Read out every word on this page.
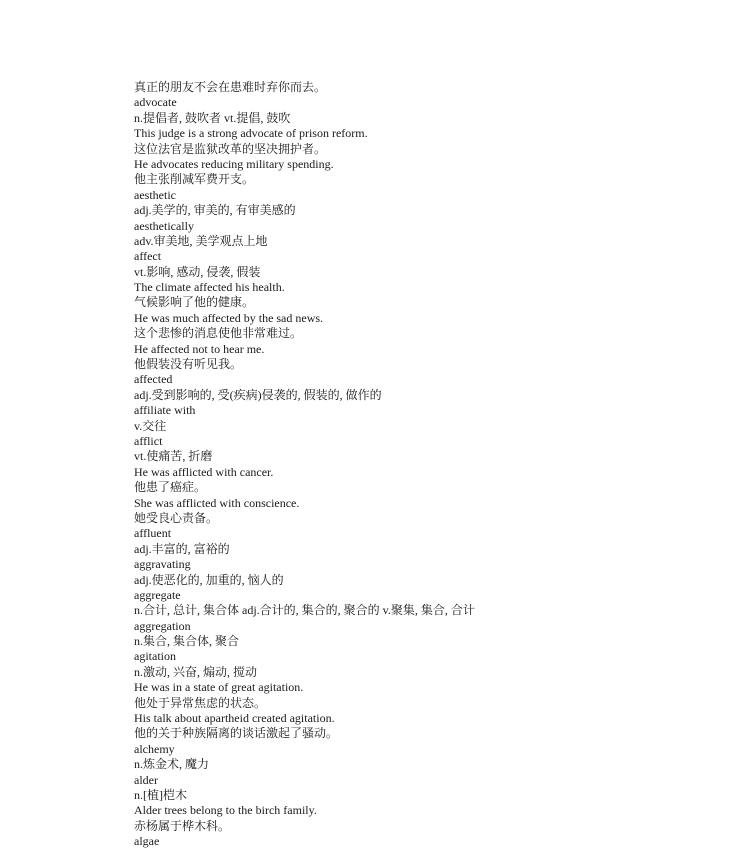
真正的朋友不会在患难时弃你而去。
advocate
n.提倡者, 鼓吹者 vt.提倡, 鼓吹
This judge is a strong advocate of prison reform.
这位法官是监狱改革的坚决拥护者。
He advocates reducing military spending.
他主张削减军费开支。
aesthetic
adj.美学的, 审美的, 有审美感的
aesthetically
adv.审美地, 美学观点上地
affect
vt.影响, 感动, 侵袭, 假装
The climate affected his health.
气候影响了他的健康。
He was much affected by the sad news.
这个悲惨的消息使他非常难过。
He affected not to hear me.
他假装没有听见我。
affected
adj.受到影响的, 受(疾病)侵袭的, 假装的, 做作的
affiliate with
v.交往
afflict
vt.使痛苦, 折磨
He was afflicted with cancer.
他患了癌症。
She was afflicted with conscience.
她受良心责备。
affluent
adj.丰富的, 富裕的
aggravating
adj.使恶化的, 加重的, 恼人的
aggregate
n.合计, 总计, 集合体 adj.合计的, 集合的, 聚合的 v.聚集, 集合, 合计
aggregation
n.集合, 集合体, 聚合
agitation
n.激动, 兴奋, 煽动, 搅动
He was in a state of great agitation.
他处于异常焦虑的状态。
His talk about apartheid created agitation.
他的关于种族隔离的谈话激起了骚动。
alchemy
n.炼金术, 魔力
alder
n.[植]桤木
Alder trees belong to the birch family.
赤杨属于桦木科。
algae
